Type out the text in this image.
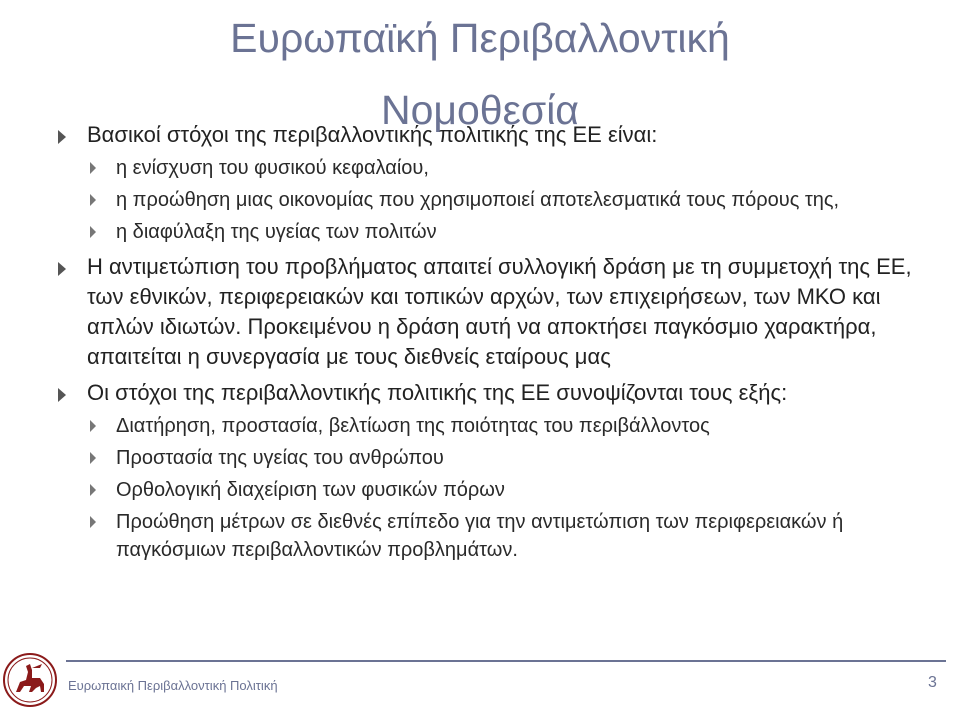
Ευρωπαϊκή Περιβαλλοντική
Νομοθεσία
Βασικοί στόχοι της περιβαλλοντικής πολιτικής της ΕΕ είναι:
η ενίσχυση του φυσικού κεφαλαίου,
η προώθηση μιας οικονομίας που χρησιμοποιεί αποτελεσματικά τους πόρους της,
η διαφύλαξη της υγείας των πολιτών
Η αντιμετώπιση του προβλήματος απαιτεί συλλογική δράση με τη συμμετοχή της ΕΕ, των εθνικών, περιφερειακών και τοπικών αρχών, των επιχειρήσεων, των ΜΚΟ και απλών ιδιωτών. Προκειμένου η δράση αυτή να αποκτήσει παγκόσμιο χαρακτήρα, απαιτείται η συνεργασία με τους διεθνείς εταίρους μας
Οι στόχοι της περιβαλλοντικής πολιτικής της ΕΕ συνοψίζονται τους εξής:
Διατήρηση, προστασία, βελτίωση της ποιότητας του περιβάλλοντος
Προστασία της υγείας του ανθρώπου
Ορθολογική διαχείριση των φυσικών πόρων
Προώθηση μέτρων σε διεθνές επίπεδο για την αντιμετώπιση των περιφερειακών ή παγκόσμιων περιβαλλοντικών προβλημάτων.
Ευρωπαική Περιβαλλοντική Πολιτική	3
